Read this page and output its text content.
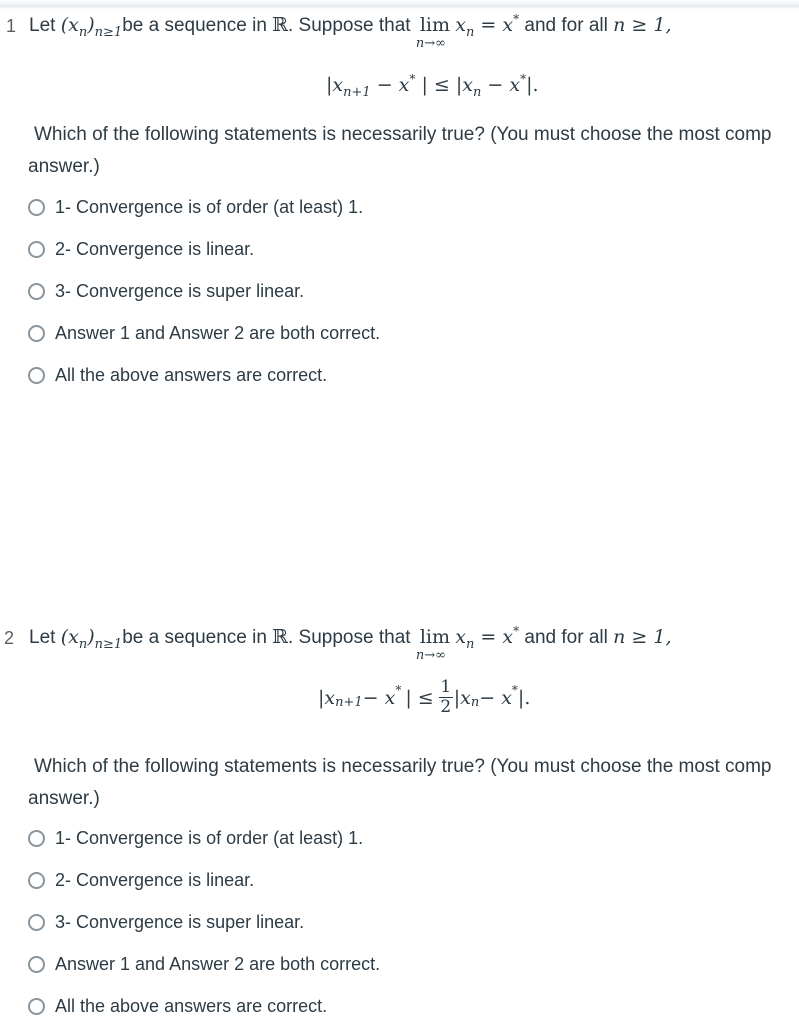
1 Let $(x_n)_{n\ge 1}be$ a sequence in ℝ. Suppose that lim
n→∞
$x_n = x^*$ and for all n ≥ 1,
$|x_{n+1} - x^*$ | ≤ $|x_n - x^*|$.
Which of the following statements is necessarily true? (You must choose the most comp
answer.)
1- Convergence is of order (at least) 1.
2- Convergence is linear.
3- Convergence is super linear.
Answer 1 and Answer 2 are both correct.
All the above answers are correct.
2 Let $(x_n)_{n\ge 1}be$ a sequence in ℝ. Suppose that lim
n→∞
$x_n = x^*$ and for all n ≥ 1,
|x n+1 − x * | ≤ $\frac{1}{2} |x$ n − x * |.
Which of the following statements is necessarily true? (You must choose the most comp
answer.)
1- Convergence is of order (at least) 1.
2- Convergence is linear.
3- Convergence is super linear.
Answer 1 and Answer 2 are both correct.
All the above answers are correct.
